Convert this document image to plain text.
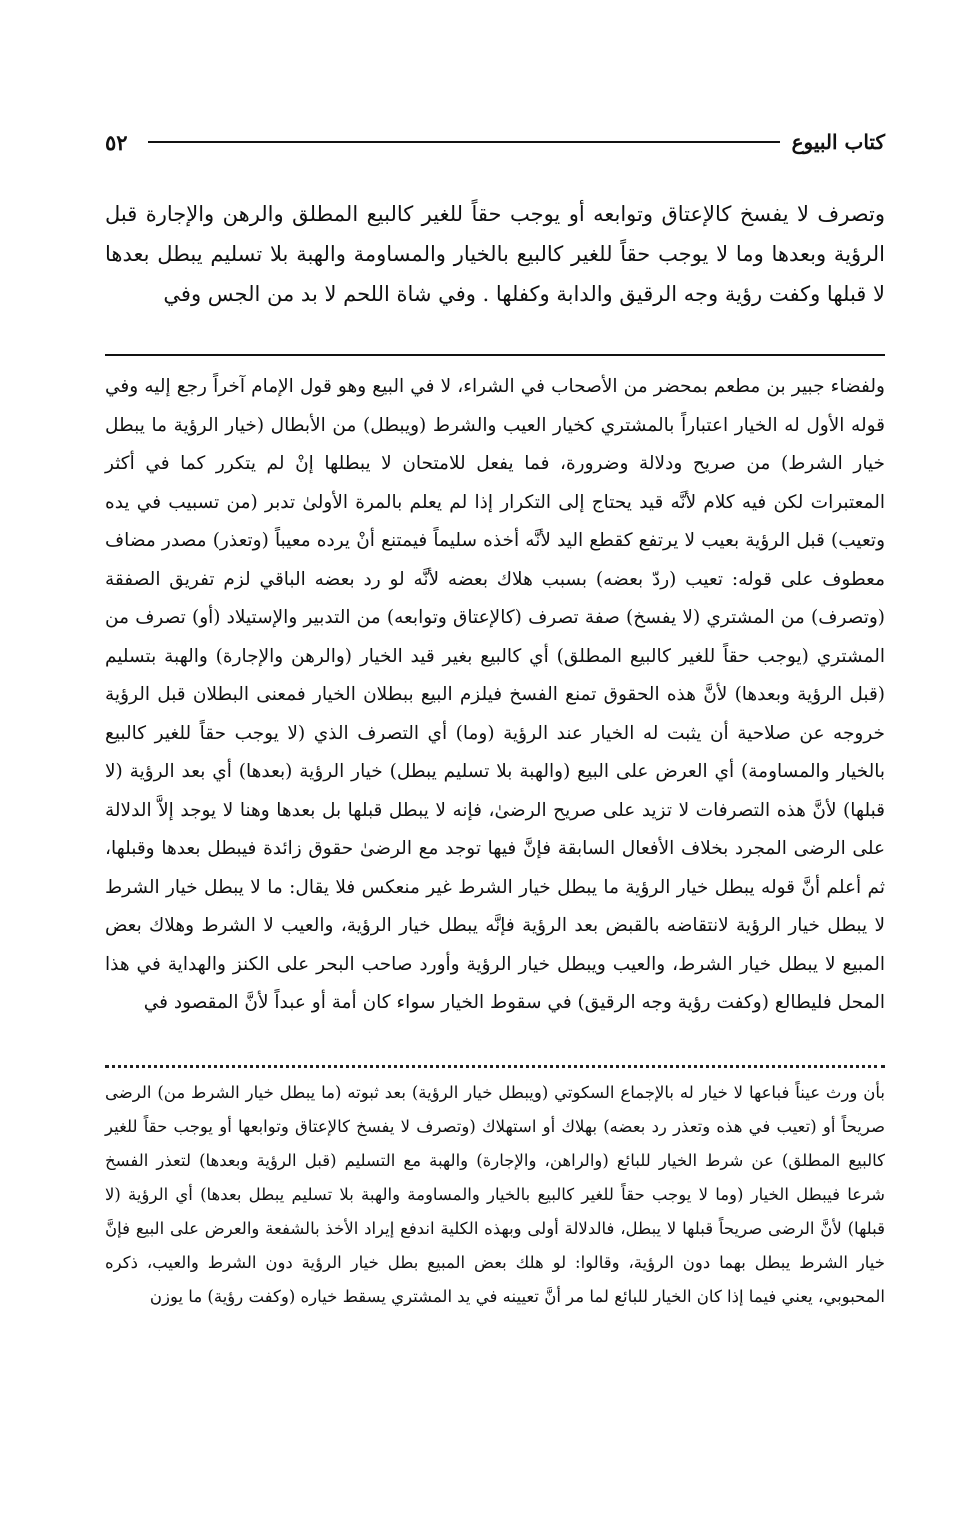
٥٢	كتاب البيوع

وتصرف لا يفسخ كالإعتاق وتوابعه أو يوجب حقاً للغير كالبيع المطلق والرهن والإجارة قبل الرؤية وبعدها وما لا يوجب حقاً للغير كالبيع بالخيار والمساومة والهبة بلا تسليم يبطل بعدها لا قبلها وكفت رؤية وجه الرقيق والدابة وكفلها . وفي شاة اللحم لا بد من الجس وفي

ولفضاء جبير بن مطعم بمحضر من الأصحاب في الشراء، لا في البيع وهو قول الإمام آخراً رجع إليه وفي قوله الأول له الخيار اعتباراً بالمشتري كخيار العيب والشرط (ويبطل) من الأبطال (خيار الرؤية ما يبطل خيار الشرط) من صريح ودلالة وضرورة، فما يفعل للامتحان لا يبطلها إنْ لم يتكرر كما في أكثر المعتبرات لكن فيه كلام لأنَّه قيد يحتاج إلى التكرار إذا لم يعلم بالمرة الأولىٰ تدبر (من تسبيب في يده وتعيب) قبل الرؤية بعيب لا يرتفع كقطع اليد لأنَّه أخذه سليماً فيمتنع أنْ يرده معيباً (وتعذر) مصدر مضاف معطوف على قوله: تعيب (ردّ بعضه) بسبب هلاك بعضه لأنَّه لو رد بعضه الباقي لزم تفريق الصفقة (وتصرف) من المشتري (لا يفسخ) صفة تصرف (كالإعتاق وتوابعه) من التدبير والإستيلاد (أو) تصرف من المشتري (يوجب حقاً للغير كالبيع المطلق) أي كالبيع بغير قيد الخيار (والرهن والإجارة) والهبة بتسليم (قبل الرؤية وبعدها) لأنَّ هذه الحقوق تمنع الفسخ فيلزم البيع ببطلان الخيار فمعنى البطلان قبل الرؤية خروجه عن صلاحية أن يثبت له الخيار عند الرؤية (وما) أي التصرف الذي (لا يوجب حقاً للغير كالبيع بالخيار والمساومة) أي العرض على البيع (والهبة بلا تسليم يبطل) خيار الرؤية (بعدها) أي بعد الرؤية (لا قبلها) لأنَّ هذه التصرفات لا تزيد على صريح الرضىٰ، فإنه لا يبطل قبلها بل بعدها وهنا لا يوجد إلاَّ الدلالة على الرضى المجرد بخلاف الأفعال السابقة فإنَّ فيها توجد مع الرضىٰ حقوق زائدة فيبطل بعدها وقبلها، ثم أعلم أنَّ قوله يبطل خيار الرؤية ما يبطل خيار الشرط غير منعكس فلا يقال: ما لا يبطل خيار الشرط لا يبطل خيار الرؤية لانتقاضه بالقبض بعد الرؤية فإنَّه يبطل خيار الرؤية، والعيب لا الشرط وهلاك بعض المبيع لا يبطل خيار الشرط، والعيب ويبطل خيار الرؤية وأورد صاحب البحر على الكنز والهداية في هذا المحل فليطالع (وكفت رؤية وجه الرقيق) في سقوط الخيار سواء كان أمة أو عبداً لأنَّ المقصود في

بأن ورث عيناً فباعها لا خيار له بالإجماع السكوتي (ويبطل خيار الرؤية) بعد ثبوته (ما يبطل خيار الشرط من) الرضى صريحاً أو (تعيب في هذه وتعذر رد بعضه) بهلاك أو استهلاك (وتصرف لا يفسخ كالإعتاق وتوابعها أو يوجب حقاً للغير كالبيع المطلق) عن شرط الخيار للبائع (والراهن، والإجارة) والهبة مع التسليم (قبل الرؤية وبعدها) لتعذر الفسخ شرعا فيبطل الخيار (وما لا يوجب حقاً للغير كالبيع بالخيار والمساومة والهبة بلا تسليم يبطل بعدها) أي الرؤية (لا قبلها) لأنَّ الرضى صريحاً قبلها لا يبطل، فالدلالة أولى وبهذه الكلية اندفع إيراد الأخذ بالشفعة والعرض على البيع فإنَّ خيار الشرط يبطل بهما دون الرؤية، وقالوا: لو هلك بعض المبيع بطل خيار الرؤية دون الشرط والعيب، ذكره المحبوبي، يعني فيما إذا كان الخيار للبائع لما مر أنَّ تعيينه في يد المشتري يسقط خياره (وكفت رؤية) ما يوزن
